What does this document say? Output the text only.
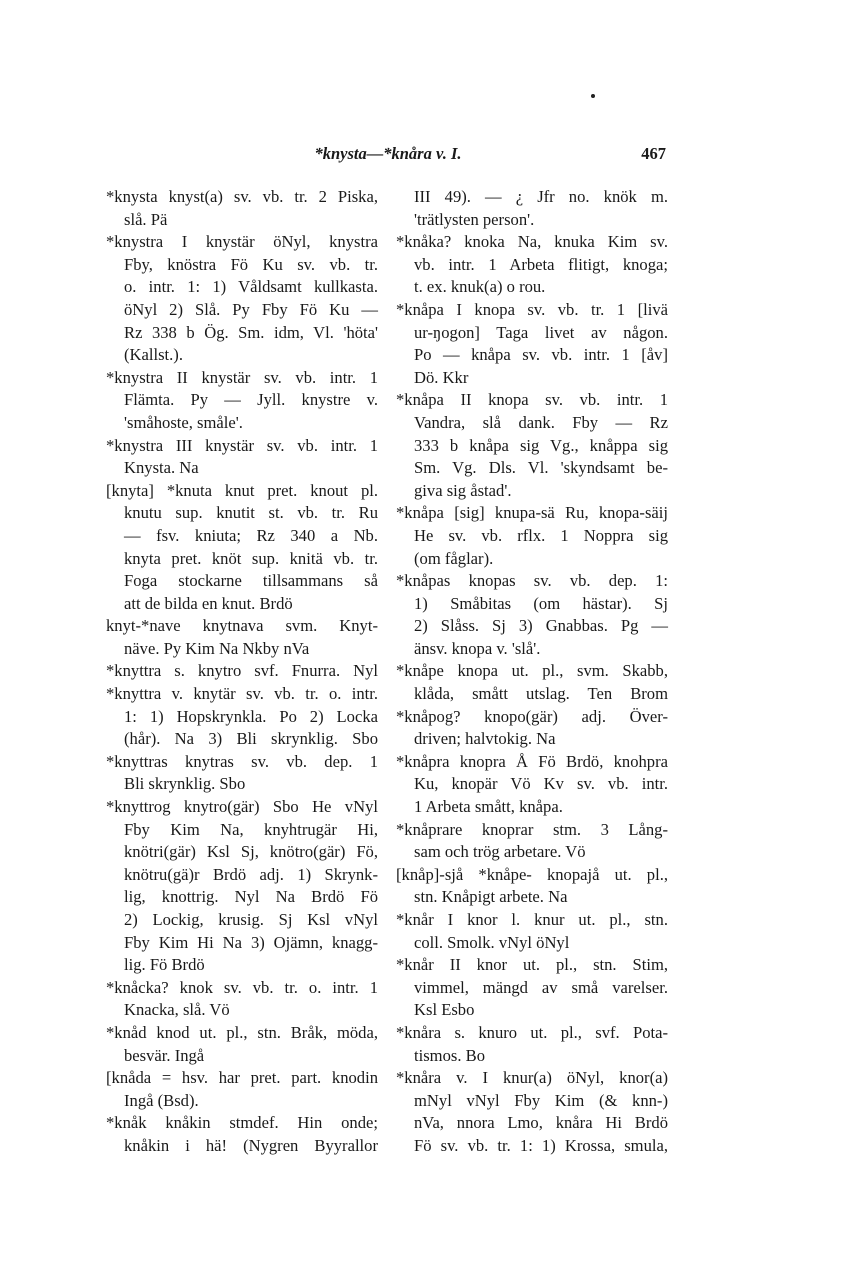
*knysta—*knåra v. I.	467
*knysta knyst(a) sv. vb. tr. 2 Piska,
slå. Pä
*knystra I knystär öNyl, knystra
Fby, knöstra Fö Ku sv. vb. tr.
o. intr. 1: 1) Våldsamt kullkasta.
öNyl 2) Slå. Py Fby Fö Ku —
Rz 338 b Ög. Sm. idm, Vl. 'höta'
(Kallst.).
*knystra II knystär sv. vb. intr. 1
Flämta. Py — Jyll. knystre v.
'småhoste, småle'.
*knystra III knystär sv. vb. intr. 1
Knysta. Na
[knyta] *knuta knut pret. knout pl.
knutu sup. knutit st. vb. tr. Ru
— fsv. kniuta; Rz 340 a Nb.
knyta pret. knöt sup. knitä vb. tr.
Foga stockarne tillsammans så
att de bilda en knut. Brdö
knyt-*nave knytnava svm. Knyt-
näve. Py Kim Na Nkby nVa
*knyttra s. knytro svf. Fnurra. Nyl
*knyttra v. knytär sv. vb. tr. o. intr.
1: 1) Hopskrynkla. Po 2) Locka
(hår). Na 3) Bli skrynklig. Sbo
*knyttras knytras sv. vb. dep. 1
Bli skrynklig. Sbo
*knyttrog knytro(gär) Sbo He vNyl
Fby Kim Na, knyhtrugär Hi,
knötri(gär) Ksl Sj, knötro(gär) Fö,
knötru(gä)r Brdö adj. 1) Skrynk-
lig, knottrig. Nyl Na Brdö Fö
2) Lockig, krusig. Sj Ksl vNyl
Fby Kim Hi Na 3) Ojämn, knagg-
lig. Fö Brdö
*knåcka? knok sv. vb. tr. o. intr. 1
Knacka, slå. Vö
*knåd knod ut. pl., stn. Bråk, möda,
besvär. Ingå
[knåda = hsv. har pret. part. knodin
Ingå (Bsd).
*knåk knåkin stmdef. Hin onde;
knåkin i hä! (Nygren Byyrallor
III 49). — ¿ Jfr no. knök m.
'trätlysten person'.
*knåka? knoka Na, knuka Kim sv.
vb. intr. 1 Arbeta flitigt, knoga;
t. ex. knuk(a) o rou.
*knåpa I knopa sv. vb. tr. 1 [livä
ur-ŋogon] Taga livet av någon.
Po — knåpa sv. vb. intr. 1 [åv]
Dö. Kkr
*knåpa II knopa sv. vb. intr. 1
Vandra, slå dank. Fby — Rz
333 b knåpa sig Vg., knåppa sig
Sm. Vg. Dls. Vl. 'skyndsamt be-
giva sig åstad'.
*knåpa [sig] knupa-sä Ru, knopa-säij
He sv. vb. rflx. 1 Noppra sig
(om fåglar).
*knåpas knopas sv. vb. dep. 1:
1) Småbitas (om hästar). Sj
2) Slåss. Sj 3) Gnabbas. Pg —
änsv. knopa v. 'slå'.
*knåpe knopa ut. pl., svm. Skabb,
klåda, smått utslag. Ten Brom
*knåpog? knopo(gär) adj. Över-
driven; halvtokig. Na
*knåpra knopra Å Fö Brdö, knohpra
Ku, knopär Vö Kv sv. vb. intr.
1 Arbeta smått, knåpa.
*knåprare knoprar stm. 3 Lång-
sam och trög arbetare. Vö
[knåp]-sjå *knåpe- knopajå ut. pl.,
stn. Knåpigt arbete. Na
*knår I knor l. knur ut. pl., stn.
coll. Smolk. vNyl öNyl
*knår II knor ut. pl., stn. Stim,
vimmel, mängd av små varelser.
Ksl Esbo
*knåra s. knuro ut. pl., svf. Pota-
tismos. Bo
*knåra v. I knur(a) öNyl, knor(a)
mNyl vNyl Fby Kim (& knn-)
nVa, nnora Lmo, knåra Hi Brdö
Fö sv. vb. tr. 1: 1) Krossa, smula,
